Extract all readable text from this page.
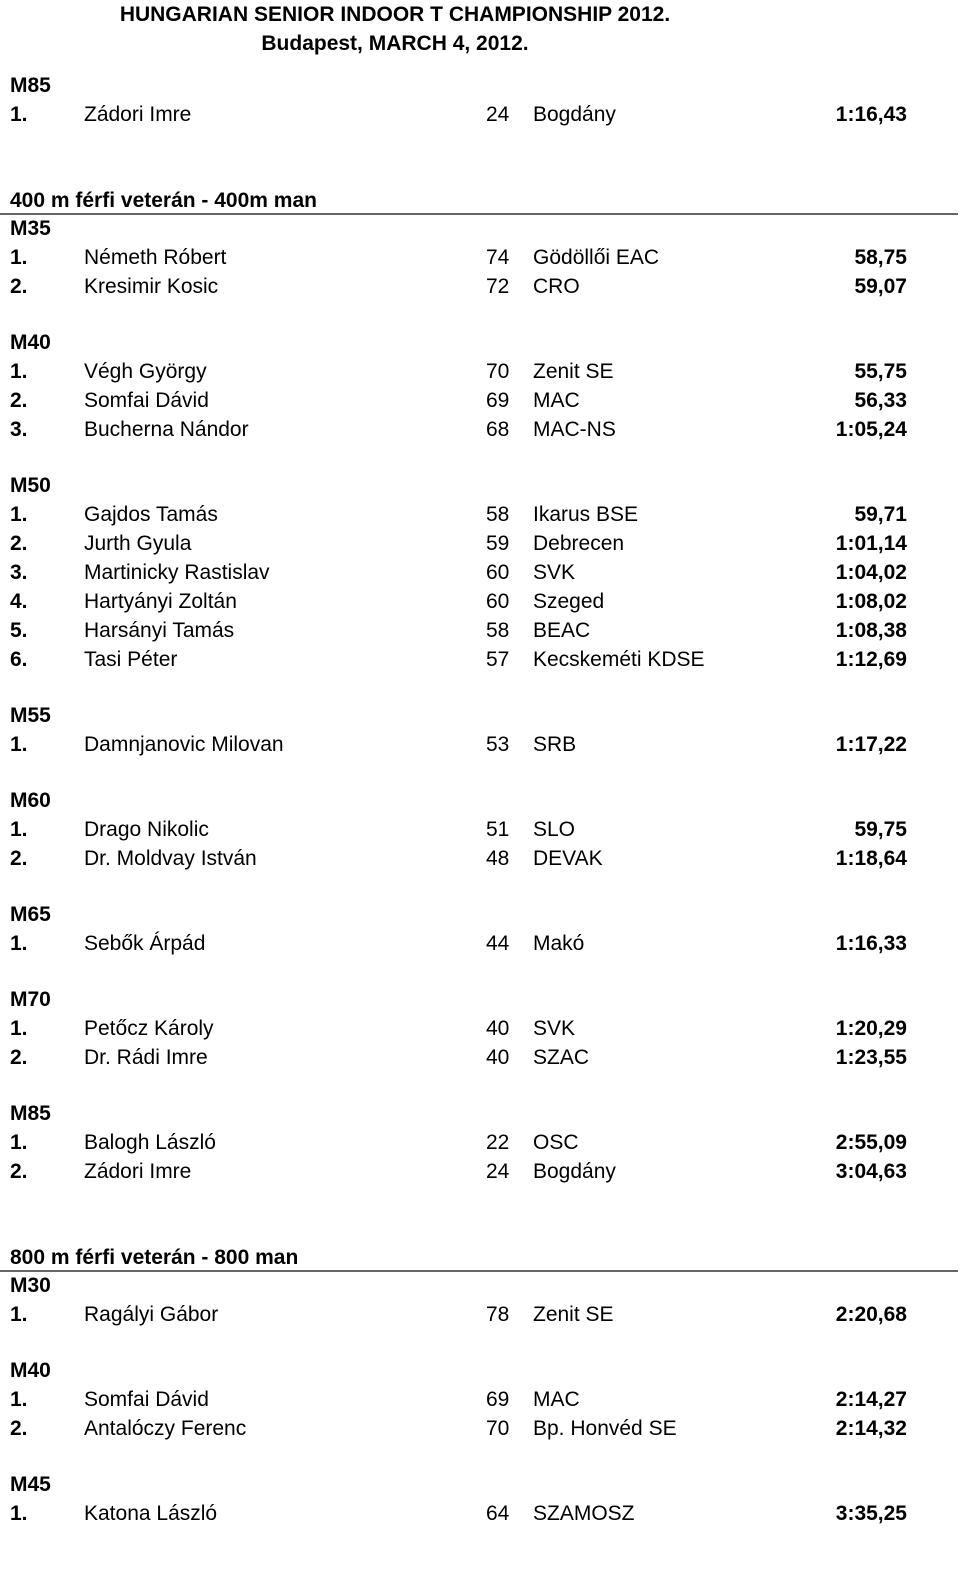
HUNGARIAN SENIOR INDOOR T CHAMPIONSHIP 2012.
Budapest, MARCH 4, 2012.
M85
1.	Zádori Imre	24 Bogdány	1:16,43
400 m férfi veterán - 400m man
M35
1.	Németh Róbert	74 Gödöllői EAC	58,75
2.	Kresimir Kosic	72 CRO	59,07
M40
1.	Végh György	70 Zenit SE	55,75
2.	Somfai Dávid	69 MAC	56,33
3.	Bucherna Nándor	68 MAC-NS	1:05,24
M50
1.	Gajdos Tamás	58 Ikarus BSE	59,71
2.	Jurth Gyula	59 Debrecen	1:01,14
3.	Martinicky Rastislav	60 SVK	1:04,02
4.	Hartyányi Zoltán	60 Szeged	1:08,02
5.	Harsányi Tamás	58 BEAC	1:08,38
6.	Tasi Péter	57 Kecskeméti KDSE	1:12,69
M55
1.	Damnjanovic Milovan	53 SRB	1:17,22
M60
1.	Drago Nikolic	51 SLO	59,75
2.	Dr. Moldvay István	48 DEVAK	1:18,64
M65
1.	Sebők Árpád	44 Makó	1:16,33
M70
1.	Petőcz Károly	40 SVK	1:20,29
2.	Dr. Rádi Imre	40 SZAC	1:23,55
M85
1.	Balogh László	22 OSC	2:55,09
2.	Zádori Imre	24 Bogdány	3:04,63
800 m férfi veterán - 800 man
M30
1.	Ragályi Gábor	78 Zenit SE	2:20,68
M40
1.	Somfai Dávid	69 MAC	2:14,27
2.	Antalóczy Ferenc	70 Bp. Honvéd SE	2:14,32
M45
1.	Katona László	64 SZAMOSZ	3:35,25
